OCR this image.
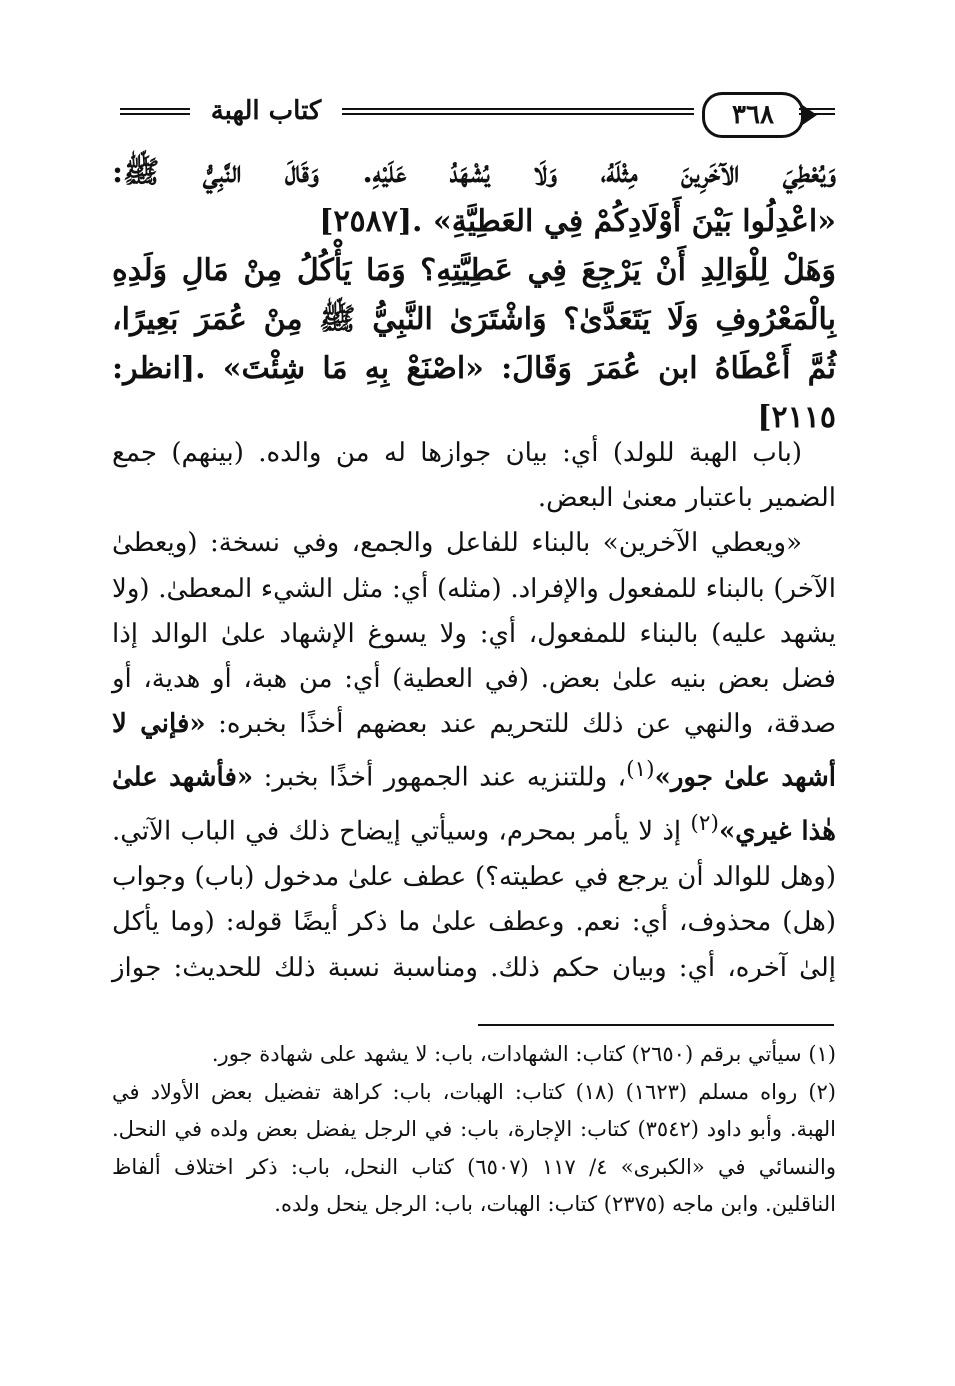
٣٦٨
كتاب الهبة

وَيُعْطِيَ الآخَرِينَ مِثْلَهُ، وَلَا يُشْهَدُ عَلَيْهِ. وَقَالَ النَّبِيُّ ﷺ:

«اعْدِلُوا بَيْنَ أَوْلَادِكُمْ فِي العَطِيَّةِ» .[٢٥٨٧]

وَهَلْ لِلْوَالِدِ أَنْ يَرْجِعَ فِي عَطِيَّتِهِ؟ وَمَا يَأْكُلُ مِنْ مَالِ وَلَدِهِ

بِالْمَعْرُوفِ وَلَا يَتَعَدَّىٰ؟ وَاشْتَرَىٰ النَّبِيُّ ﷺ مِنْ عُمَرَ بَعِيرًا،

ثُمَّ أَعْطَاهُ ابن عُمَرَ وَقَالَ: «اصْنَعْ بِهِ مَا شِئْتَ» .[انظر: ٢١١٥]

(باب الهبة للولد) أي: بيان جوازها له من والده. (بينهم) جمع الضمير باعتبار معنىٰ البعض.

«ويعطي الآخرين» بالبناء للفاعل والجمع، وفي نسخة: (ويعطىٰ الآخر) بالبناء للمفعول والإفراد. (مثله) أي: مثل الشيء المعطىٰ. (ولا يشهد عليه) بالبناء للمفعول، أي: ولا يسوغ الإشهاد علىٰ الوالد إذا فضل بعض بنيه علىٰ بعض. (في العطية) أي: من هبة، أو هدية، أو صدقة، والنهي عن ذلك للتحريم عند بعضهم أخذًا بخبره: «فإني لا أشهد علىٰ جور»$^{(١)}$، وللتنزيه عند الجمهور أخذًا بخبر: «فأشهد علىٰ هٰذا غيري»$^{(٢)}$ إذ لا يأمر بمحرم، وسيأتي إيضاح ذلك في الباب الآتي. (وهل للوالد أن يرجع في عطيته؟) عطف علىٰ مدخول (باب) وجواب (هل) محذوف، أي: نعم. وعطف علىٰ ما ذكر أيضًا قوله: (وما يأكل إلىٰ آخره، أي: وبيان حكم ذلك. ومناسبة نسبة ذلك للحديث: جواز

(١) سيأتي برقم (٢٦٥٠) كتاب: الشهادات، باب: لا يشهد على شهادة جور.

(٢) رواه مسلم (١٦٢٣) (١٨) كتاب: الهبات، باب: كراهة تفضيل بعض الأولاد في الهبة. وأبو داود (٣٥٤٢) كتاب: الإجارة، باب: في الرجل يفضل بعض ولده في النحل. والنسائي في «الكبرى» ٤/ ١١٧ (٦٥٠٧) كتاب النحل، باب: ذكر اختلاف ألفاظ الناقلين. وابن ماجه (٢٣٧٥) كتاب: الهبات، باب: الرجل ينحل ولده.
